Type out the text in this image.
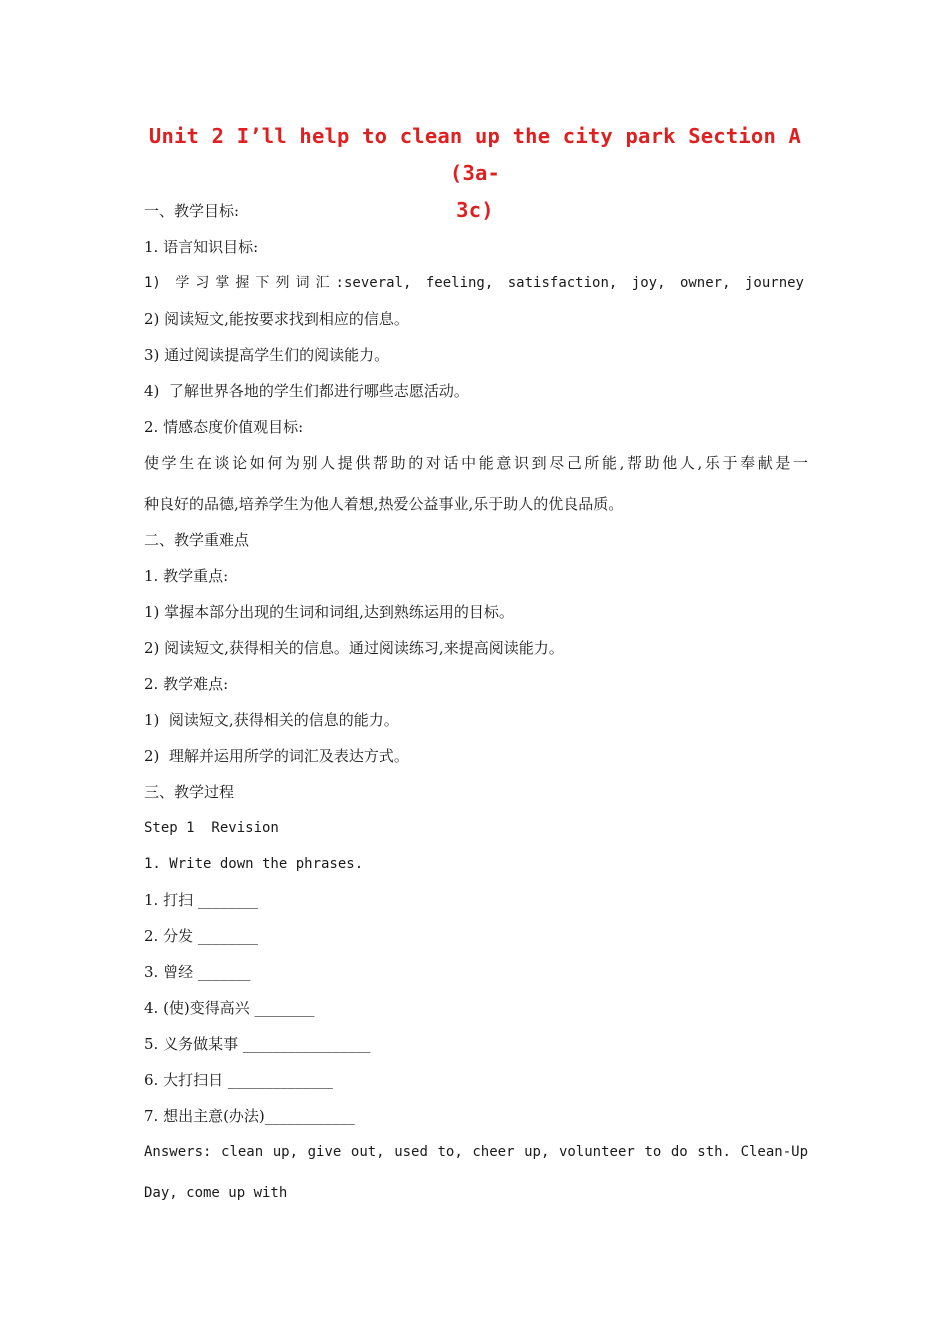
Unit 2 I’ll help to clean up the city park Section A (3a-
3c)
一、教学目标:
1. 语言知识目标:
1) 学习掌握下列词汇:several, feeling, satisfaction, joy, owner, journey
2) 阅读短文,能按要求找到相应的信息。
3) 通过阅读提高学生们的阅读能力。
4)  了解世界各地的学生们都进行哪些志愿活动。
2. 情感态度价值观目标:
使学生在谈论如何为别人提供帮助的对话中能意识到尽己所能,帮助他人,乐于奉献是一
种良好的品德,培养学生为他人着想,热爱公益事业,乐于助人的优良品质。
二、教学重难点
1. 教学重点:
1) 掌握本部分出现的生词和词组,达到熟练运用的目标。
2) 阅读短文,获得相关的信息。通过阅读练习,来提高阅读能力。
2. 教学难点:
1)  阅读短文,获得相关的信息的能力。
2)  理解并运用所学的词汇及表达方式。
三、教学过程
Step 1  Revision
1. Write down the phrases.
1. 打扫 ________
2. 分发 ________
3. 曾经 _______
4. (使)变得高兴 ________
5. 义务做某事 _________________
6. 大打扫日 ______________
7. 想出主意(办法)____________
Answers: clean up, give out, used to, cheer up, volunteer to do sth. Clean-Up
Day, come up with
